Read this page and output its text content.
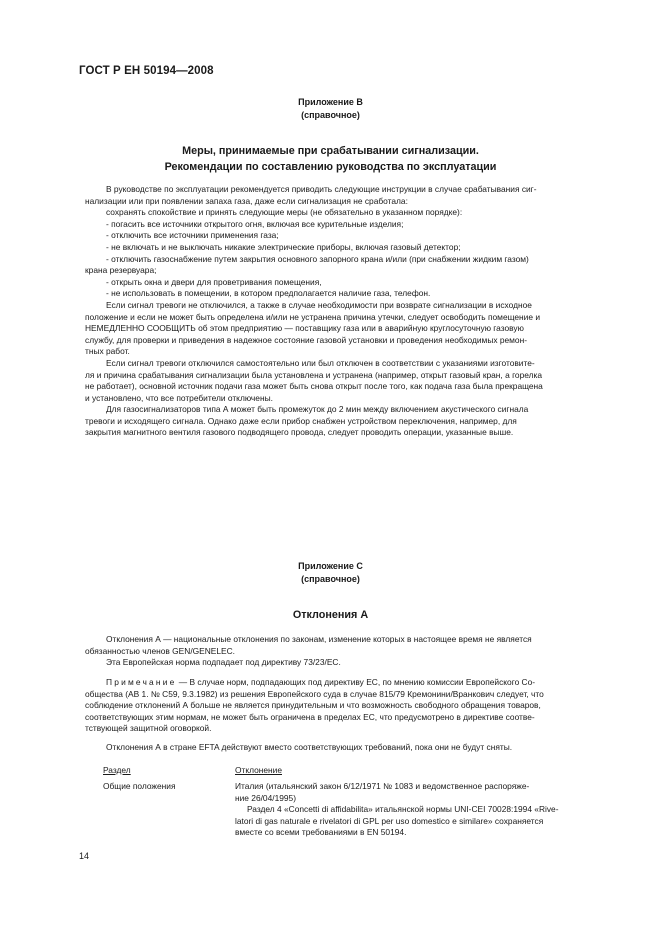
ГОСТ Р ЕН 50194—2008
Приложение В
(справочное)
Меры, принимаемые при срабатывании сигнализации.
Рекомендации по составлению руководства по эксплуатации

В руководстве по эксплуатации рекомендуется приводить следующие инструкции в случае срабатывания сиг-

нализации или при появлении запаха газа, даже если сигнализация не сработала:

сохранять спокойствие и принять следующие меры (не обязательно в указанном порядке):

- погасить все источники открытого огня, включая все курительные изделия;

- отключить все источники применения газа;

- не включать и не выключать никакие электрические приборы, включая газовый детектор;

- отключить газоснабжение путем закрытия основного запорного крана и/или (при снабжении жидким газом)

крана резервуара;

- открыть окна и двери для проветривания помещения,

- не использовать в помещении, в котором предполагается наличие газа, телефон.

Если сигнал тревоги не отключился, а также в случае необходимости при возврате сигнализации в исходное

положение и если не может быть определена и/или не устранена причина утечки, следует освободить помещение и

НЕМЕДЛЕННО СООБЩИТЬ об этом предприятию — поставщику газа или в аварийную круглосуточную газовую

службу, для проверки и приведения в надежное состояние газовой установки и проведения необходимых ремон-

тных работ.

Если сигнал тревоги отключился самостоятельно или был отключен в соответствии с указаниями изготовите-

ля и причина срабатывания сигнализации была установлена и устранена (например, открыт газовый кран, а горелка

не работает), основной источник подачи газа может быть снова открыт после того, как подача газа была прекращена

и установлено, что все потребители отключены.

Для газосигнализаторов типа А может быть промежуток до 2 мин между включением акустического сигнала

тревоги и исходящего сигнала. Однако даже если прибор снабжен устройством переключения, например, для

закрытия магнитного вентиля газового подводящего провода, следует проводить операции, указанные выше.

Приложение С
(справочное)
Отклонения А

Отклонения А — национальные отклонения по законам, изменение которых в настоящее время не является

обязанностью членов GEN/GENELEC.

Эта Европейская норма подпадает под директиву 73/23/ЕС.

Примечание — В случае норм, подпадающих под директиву ЕС, по мнению комиссии Европейского Со-

общества (АВ 1. № С59, 9.3.1982) из решения Европейского суда в случае 815/79 Кремонини/Вранкович следует, что

соблюдение отклонений А больше не является принудительным и что возможность свободного обращения товаров,

соответствующих этим нормам, не может быть ограничена в пределах ЕС, что предусмотрено в директиве соотве-

тствующей защитной оговоркой.

Отклонения А в стране EFTA действуют вместо соответствующих требований, пока они не будут сняты.

Раздел	Отклонение
Общие положения	Италия (итальянский закон 6/12/1971 № 1083 и ведомственное распоряже-

ние 26/04/1995)

Раздел 4 «Concetti di affidabilita» итальянской нормы UNI-CEI 70028:1994 «Rive-

latori di gas naturale e rivelatori di GPL per uso domestico e similare» сохраняется

вместе со всеми требованиями в EN 50194.

14
